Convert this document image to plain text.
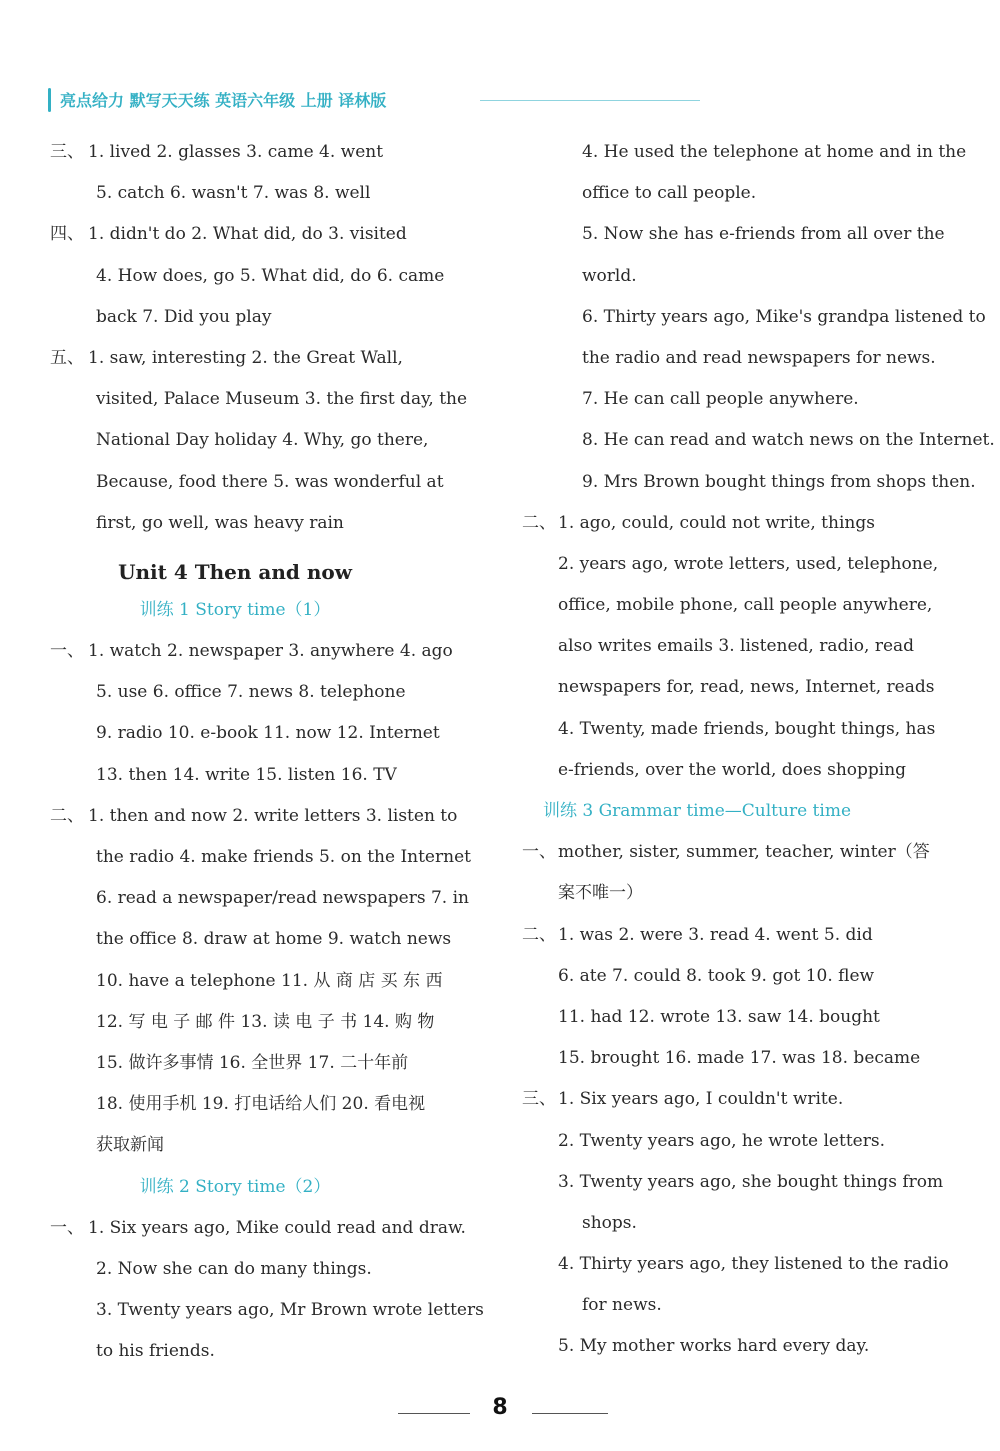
亮点给力 默写天天练 英语六年级 上册 译林版
三、 1. lived 2. glasses 3. came 4. went
5. catch 6. wasn't 7. was 8. well
四、 1. didn't do 2. What did, do 3. visited
4. How does, go 5. What did, do 6. came
back 7. Did you play
五、 1. saw, interesting 2. the Great Wall,
visited, Palace Museum 3. the first day, the
National Day holiday 4. Why, go there,
Because, food there 5. was wonderful at
first, go well, was heavy rain
Unit 4 Then and now
训练 1 Story time（1）
一、 1. watch 2. newspaper 3. anywhere 4. ago
5. use 6. office 7. news 8. telephone
9. radio 10. e-book 11. now 12. Internet
13. then 14. write 15. listen 16. TV
二、 1. then and now 2. write letters 3. listen to
the radio 4. make friends 5. on the Internet
6. read a newspaper/read newspapers 7. in
the office 8. draw at home 9. watch news
10. have a telephone 11. 从 商 店 买 东 西
12. 写 电 子 邮 件 13. 读 电 子 书 14. 购 物
15. 做许多事情 16. 全世界 17. 二十年前
18. 使用手机 19. 打电话给人们 20. 看电视
获取新闻
训练 2 Story time（2）
一、 1. Six years ago, Mike could read and draw.
2. Now she can do many things.
3. Twenty years ago, Mr Brown wrote letters
to his friends.
4. He used the telephone at home and in the
office to call people.
5. Now she has e-friends from all over the
world.
6. Thirty years ago, Mike's grandpa listened to
the radio and read newspapers for news.
7. He can call people anywhere.
8. He can read and watch news on the Internet.
9. Mrs Brown bought things from shops then.
二、 1. ago, could, could not write, things
2. years ago, wrote letters, used, telephone,
office, mobile phone, call people anywhere,
also writes emails 3. listened, radio, read
newspapers for, read, news, Internet, reads
4. Twenty, made friends, bought things, has
e-friends, over the world, does shopping
训练 3 Grammar time—Culture time
一、 mother, sister, summer, teacher, winter（答
案不唯一）
二、 1. was 2. were 3. read 4. went 5. did
6. ate 7. could 8. took 9. got 10. flew
11. had 12. wrote 13. saw 14. bought
15. brought 16. made 17. was 18. became
三、 1. Six years ago, I couldn't write.
2. Twenty years ago, he wrote letters.
3. Twenty years ago, she bought things from
shops.
4. Thirty years ago, they listened to the radio
for news.
5. My mother works hard every day.
8
